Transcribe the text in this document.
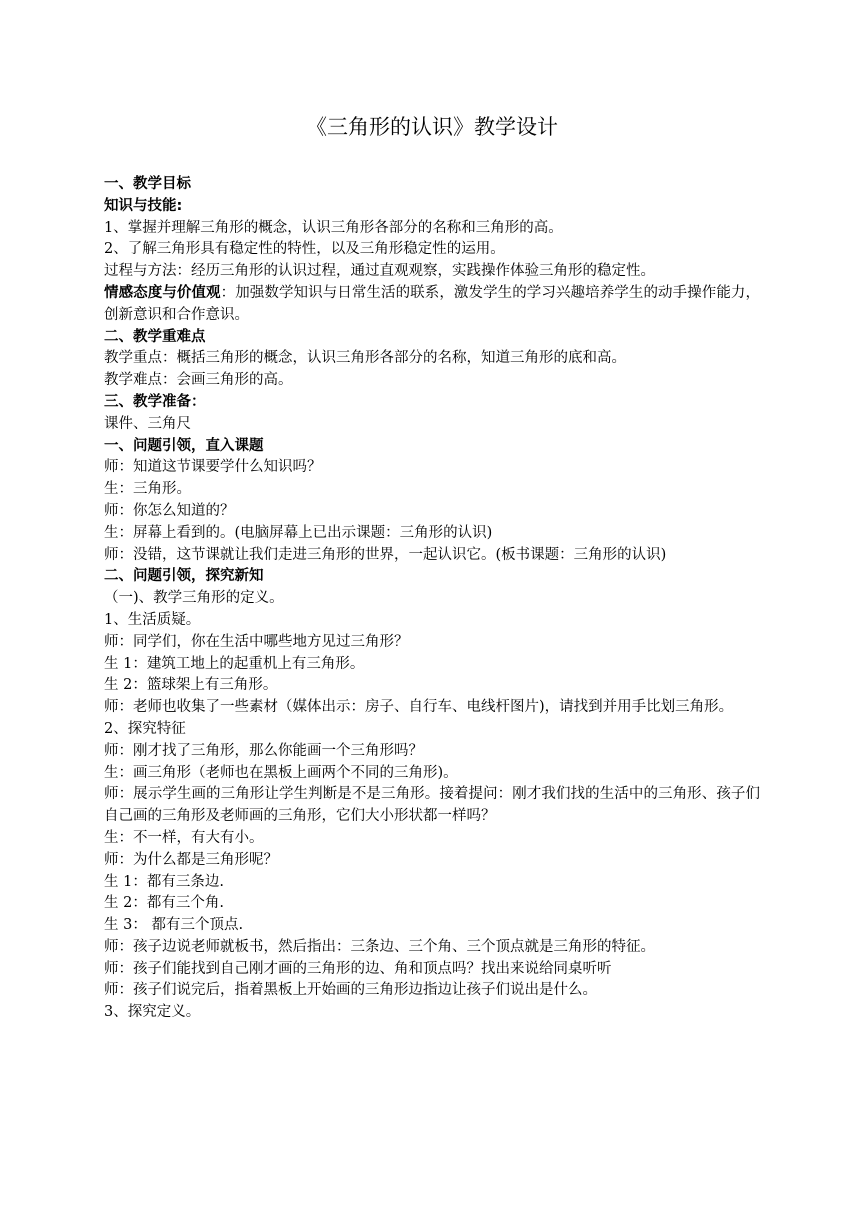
《三角形的认识》教学设计

一、教学目标

知识与技能:

1、掌握并理解三角形的概念，认识三角形各部分的名称和三角形的高。

2、了解三角形具有稳定性的特性，以及三角形稳定性的运用。

过程与方法：经历三角形的认识过程，通过直观观察，实践操作体验三角形的稳定性。

情感态度与价值观：加强数学知识与日常生活的联系，激发学生的学习兴趣培养学生的动手操作能力，创新意识和合作意识。

二、教学重难点

教学重点：概括三角形的概念，认识三角形各部分的名称，知道三角形的底和高。

教学难点：会画三角形的高。

三、教学准备：

课件、三角尺

一、问题引领，直入课题

师：知道这节课要学什么知识吗？

生：三角形。

师：你怎么知道的？

生：屏幕上看到的。(电脑屏幕上已出示课题：三角形的认识)

师：没错，这节课就让我们走进三角形的世界，一起认识它。(板书课题：三角形的认识)

二、问题引领，探究新知

（一)、教学三角形的定义。

1、生活质疑。

师：同学们，你在生活中哪些地方见过三角形？

生 1：建筑工地上的起重机上有三角形。

生 2：篮球架上有三角形。

师：老师也收集了一些素材（媒体出示：房子、自行车、电线杆图片)，请找到并用手比划三角形。

2、探究特征

师：刚才找了三角形，那么你能画一个三角形吗？

生：画三角形（老师也在黑板上画两个不同的三角形)。

师：展示学生画的三角形让学生判断是不是三角形。接着提问：刚才我们找的生活中的三角形、孩子们自己画的三角形及老师画的三角形，它们大小形状都一样吗？

生：不一样，有大有小。

师：为什么都是三角形呢？

生 1：都有三条边.

生 2：都有三个角.

生 3： 都有三个顶点.

师：孩子边说老师就板书，然后指出：三条边、三个角、三个顶点就是三角形的特征。

师：孩子们能找到自己刚才画的三角形的边、角和顶点吗？找出来说给同桌听听

师：孩子们说完后，指着黑板上开始画的三角形边指边让孩子们说出是什么。

3、探究定义。
